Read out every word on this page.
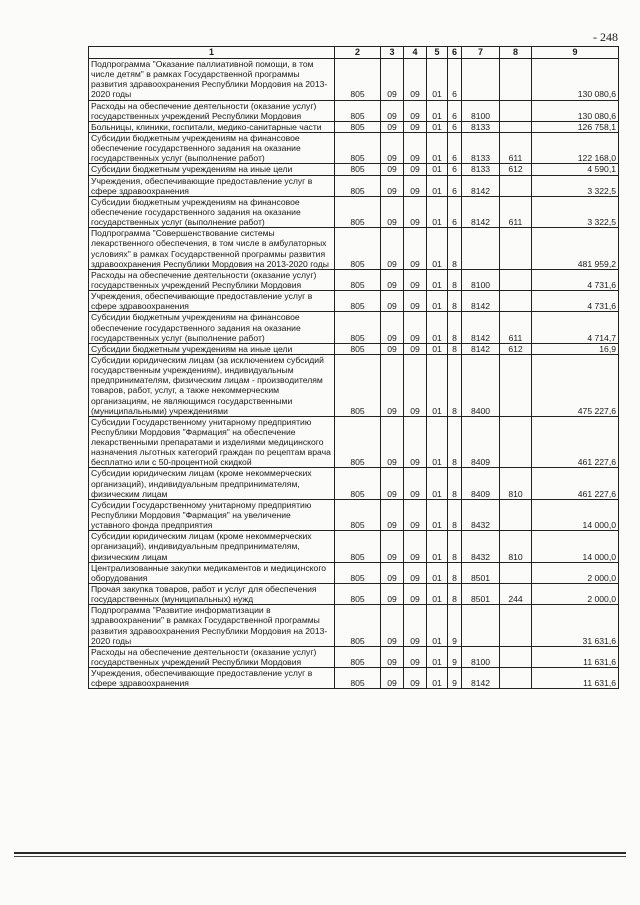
- 248
1	2	3	4	5	6	7	8	9
Подпрограмма "Оказание паллиативной помощи, в том числе детям" в рамках Государственной программы развития здравоохранения Республики Мордовия на 2013-2020 годы	805	09	09	01	6			130 080,6
Расходы на обеспечение деятельности (оказание услуг) государственных учреждений Республики Мордовия	805	09	09	01	6	8100		130 080,6
Больницы, клиники, госпитали, медико-санитарные части	805	09	09	01	6	8133		126 758,1
Субсидии бюджетным учреждениям на финансовое обеспечение государственного задания на оказание государственных услуг (выполнение работ)	805	09	09	01	6	8133	611	122 168,0
Субсидии бюджетным учреждениям на иные цели	805	09	09	01	6	8133	612	4 590,1
Учреждения, обеспечивающие предоставление услуг в сфере здравоохранения	805	09	09	01	6	8142		3 322,5
Субсидии бюджетным учреждениям на финансовое обеспечение государственного задания на оказание государственных услуг (выполнение работ)	805	09	09	01	6	8142	611	3 322,5
Подпрограмма "Совершенствование системы лекарственного обеспечения, в том числе в амбулаторных условиях" в рамках Государственной программы развития здравоохранения Республики Мордовия на 2013-2020 годы	805	09	09	01	8			481 959,2
Расходы на обеспечение деятельности (оказание услуг) государственных учреждений Республики Мордовия	805	09	09	01	8	8100		4 731,6
Учреждения, обеспечивающие предоставление услуг в сфере здравоохранения	805	09	09	01	8	8142		4 731,6
Субсидии бюджетным учреждениям на финансовое обеспечение государственного задания на оказание государственных услуг (выполнение работ)	805	09	09	01	8	8142	611	4 714,7
Субсидии бюджетным учреждениям на иные цели	805	09	09	01	8	8142	612	16,9
Субсидии юридическим лицам (за исключением субсидий государственным учреждениям), индивидуальным предпринимателям, физическим лицам - производителям товаров, работ, услуг, а также некоммерческим организациям, не являющимся государственными (муниципальными) учреждениями	805	09	09	01	8	8400		475 227,6
Субсидии Государственному унитарному предприятию Республики Мордовия "Фармация" на обеспечение лекарственными препаратами и изделиями медицинского назначения льготных категорий граждан по рецептам врача бесплатно или с 50-процентной скидкой	805	09	09	01	8	8409		461 227,6
Субсидии юридическим лицам (кроме некоммерческих организаций), индивидуальным предпринимателям, физическим лицам	805	09	09	01	8	8409	810	461 227,6
Субсидии Государственному унитарному предприятию Республики Мордовия "Фармация" на увеличение уставного фонда предприятия	805	09	09	01	8	8432		14 000,0
Субсидии юридическим лицам (кроме некоммерческих организаций), индивидуальным предпринимателям, физическим лицам	805	09	09	01	8	8432	810	14 000,0
Централизованные закупки медикаментов и медицинского оборудования	805	09	09	01	8	8501		2 000,0
Прочая закупка товаров, работ и услуг для обеспечения государственных (муниципальных) нужд	805	09	09	01	8	8501	244	2 000,0
Подпрограмма "Развитие информатизации в здравоохранении" в рамках Государственной программы развития здравоохранения Республики Мордовия на 2013-2020 годы	805	09	09	01	9			31 631,6
Расходы на обеспечение деятельности (оказание услуг) государственных учреждений Республики Мордовия	805	09	09	01	9	8100		11 631,6
Учреждения, обеспечивающие предоставление услуг в сфере здравоохранения	805	09	09	01	9	8142		11 631,6
